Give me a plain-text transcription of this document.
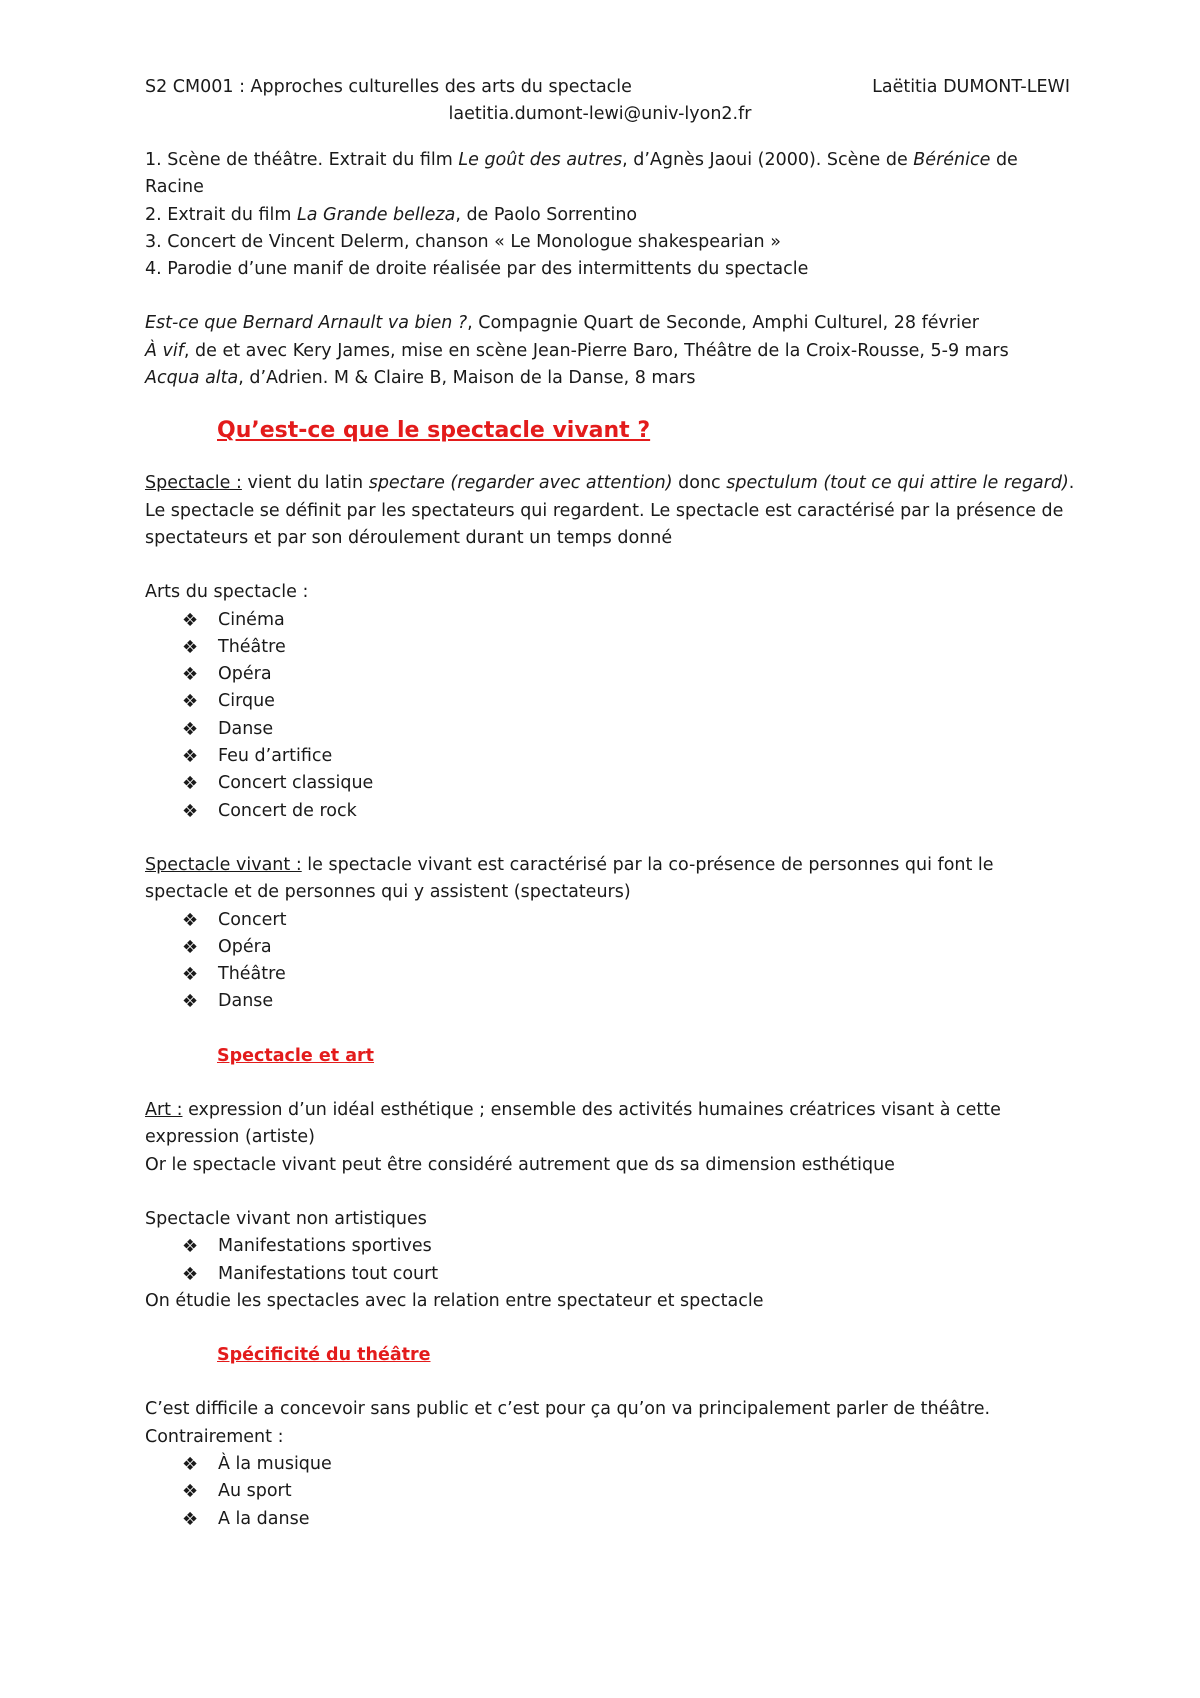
S2 CM001 : Approches culturelles des arts du spectacle	Laëtitia DUMONT-LEWI
laetitia.dumont-lewi@univ-lyon2.fr

1. Scène de théâtre. Extrait du film Le goût des autres, d’Agnès Jaoui (2000). Scène de Bérénice de Racine

2. Extrait du film La Grande belleza, de Paolo Sorrentino

3. Concert de Vincent Delerm, chanson « Le Monologue shakespearian »

4. Parodie d’une manif de droite réalisée par des intermittents du spectacle

Est-ce que Bernard Arnault va bien ?, Compagnie Quart de Seconde, Amphi Culturel, 28 février

À vif, de et avec Kery James, mise en scène Jean-Pierre Baro, Théâtre de la Croix-Rousse, 5-9 mars

Acqua alta, d’Adrien. M & Claire B, Maison de la Danse, 8 mars

Qu’est-ce que le spectacle vivant ?

Spectacle : vient du latin spectare (regarder avec attention) donc spectulum (tout ce qui attire le regard). Le spectacle se définit par les spectateurs qui regardent. Le spectacle est caractérisé par la présence de spectateurs et par son déroulement durant un temps donné

Arts du spectacle :

❖ Cinéma
❖ Théâtre
❖ Opéra
❖ Cirque
❖ Danse
❖ Feu d’artifice
❖ Concert classique
❖ Concert de rock

Spectacle vivant : le spectacle vivant est caractérisé par la co-présence de personnes qui font le spectacle et de personnes qui y assistent (spectateurs)

❖ Concert
❖ Opéra
❖ Théâtre
❖ Danse

Spectacle et art

Art : expression d’un idéal esthétique ; ensemble des activités humaines créatrices visant à cette expression (artiste)

Or le spectacle vivant peut être considéré autrement que ds sa dimension esthétique

Spectacle vivant non artistiques

❖ Manifestations sportives
❖ Manifestations tout court

On étudie les spectacles avec la relation entre spectateur et spectacle

Spécificité du théâtre

C’est difficile a concevoir sans public et c’est pour ça qu’on va principalement parler de théâtre.

Contrairement :

❖ À la musique
❖ Au sport
❖ A la danse
